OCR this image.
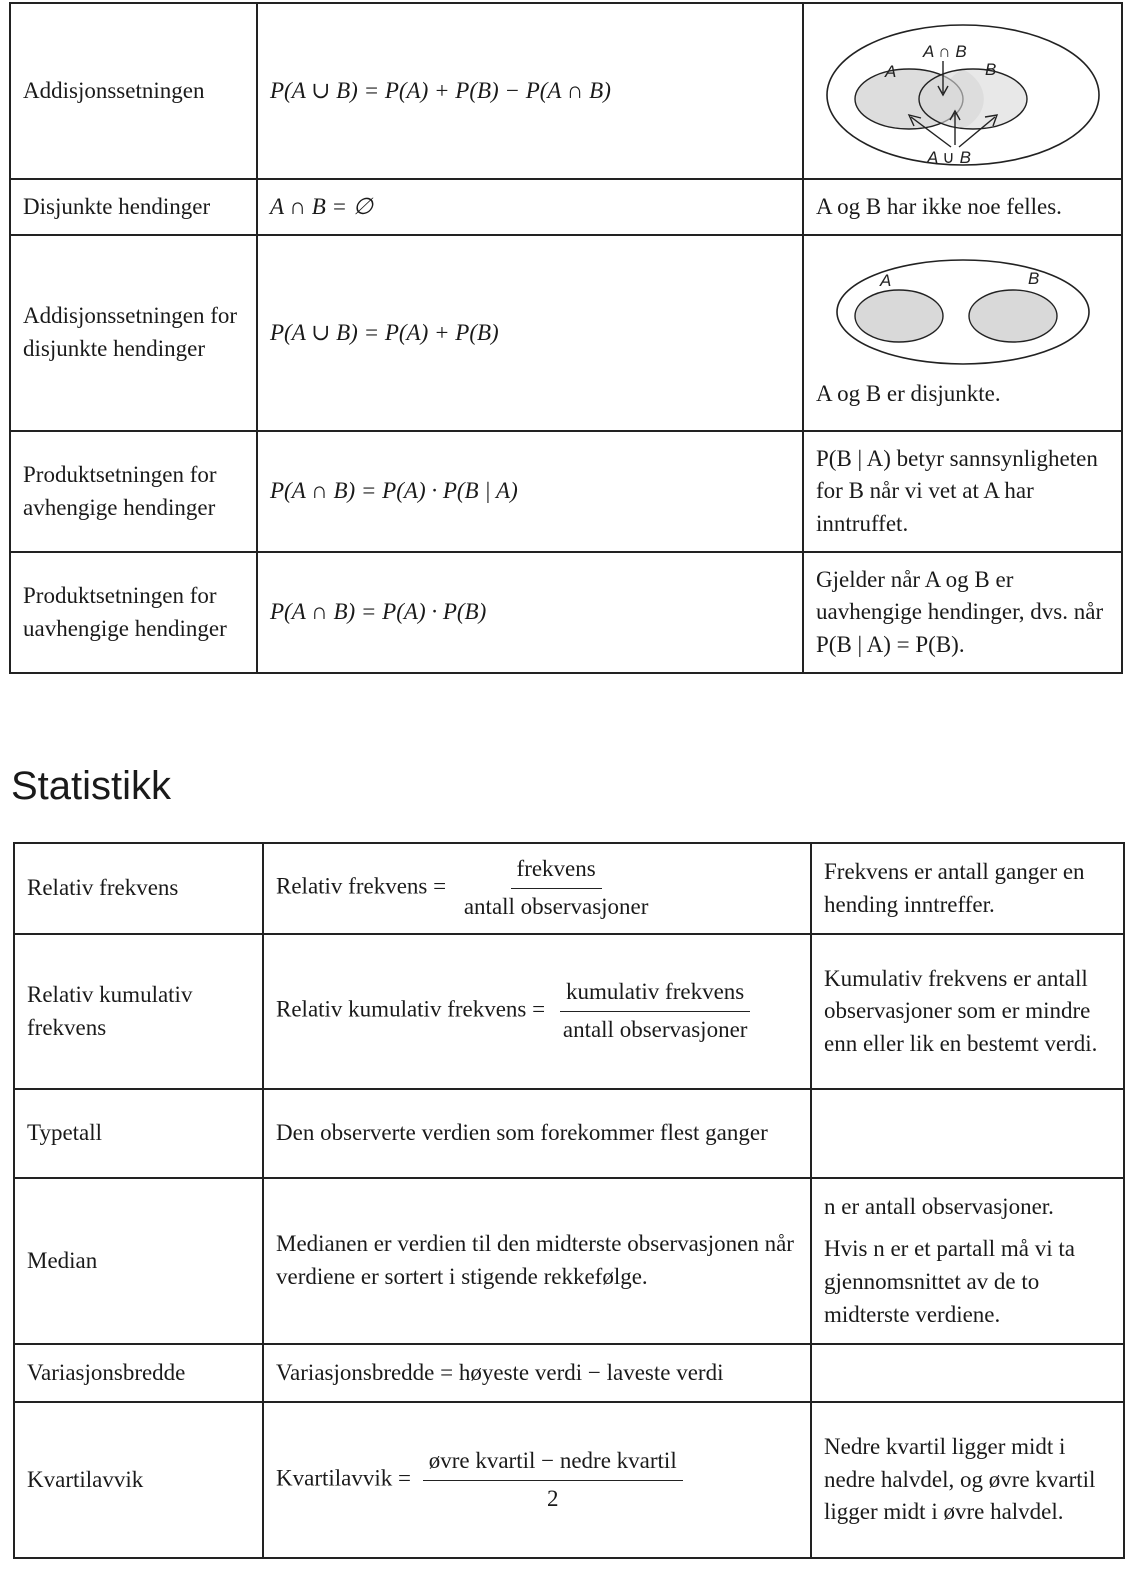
Addisjonssetningen	P(A ∪ B) = P(A) + P(B) − P(A ∩ B)	A ∩ B
A B
A ∪ B

Disjunkte hendinger	A ∩ B = ∅	A og B har ikke noe felles.
Addisjonssetningen for disjunkte hendinger	P(A ∪ B) = P(A) + P(B)	A B
A og B er disjunkte.

Produktsetningen for avhengige hendinger	P(A ∩ B) = P(A) · P(B | A)	P(B | A) betyr sannsynligheten for B når vi vet at A har inntruffet.
Produktsetningen for uavhengige hendinger	P(A ∩ B) = P(A) · P(B)	Gjelder når A og B er uavhengige hendinger, dvs. når P(B | A) = P(B).
Statistikk
Relativ frekvens	Relativ frekvens = $\frac{\text{frekvens}}{\text{antall observasjoner}}$	Frekvens er antall ganger en hending inntreffer.
Relativ kumulativ frekvens	Relativ kumulativ frekvens = $\frac{\text{kumulativ frekvens}}{\text{antall observasjoner}}$	Kumulativ frekvens er antall observasjoner som er mindre enn eller lik en bestemt verdi.
Typetall	Den observerte verdien som forekommer flest ganger	
Median	Medianen er verdien til den midterste observasjonen når verdiene er sortert i stigende rekkefølge.	n er antall observasjoner.
Hvis n er et partall må vi ta gjennomsnittet av de to midterste verdiene.

Variasjonsbredde	Variasjonsbredde = høyeste verdi − laveste verdi	
Kvartilavvik	Kvartilavvik = $\frac{\text{øvre kvartil − nedre kvartil}}{2}$	Nedre kvartil ligger midt i nedre halvdel, og øvre kvartil ligger midt i øvre halvdel.
